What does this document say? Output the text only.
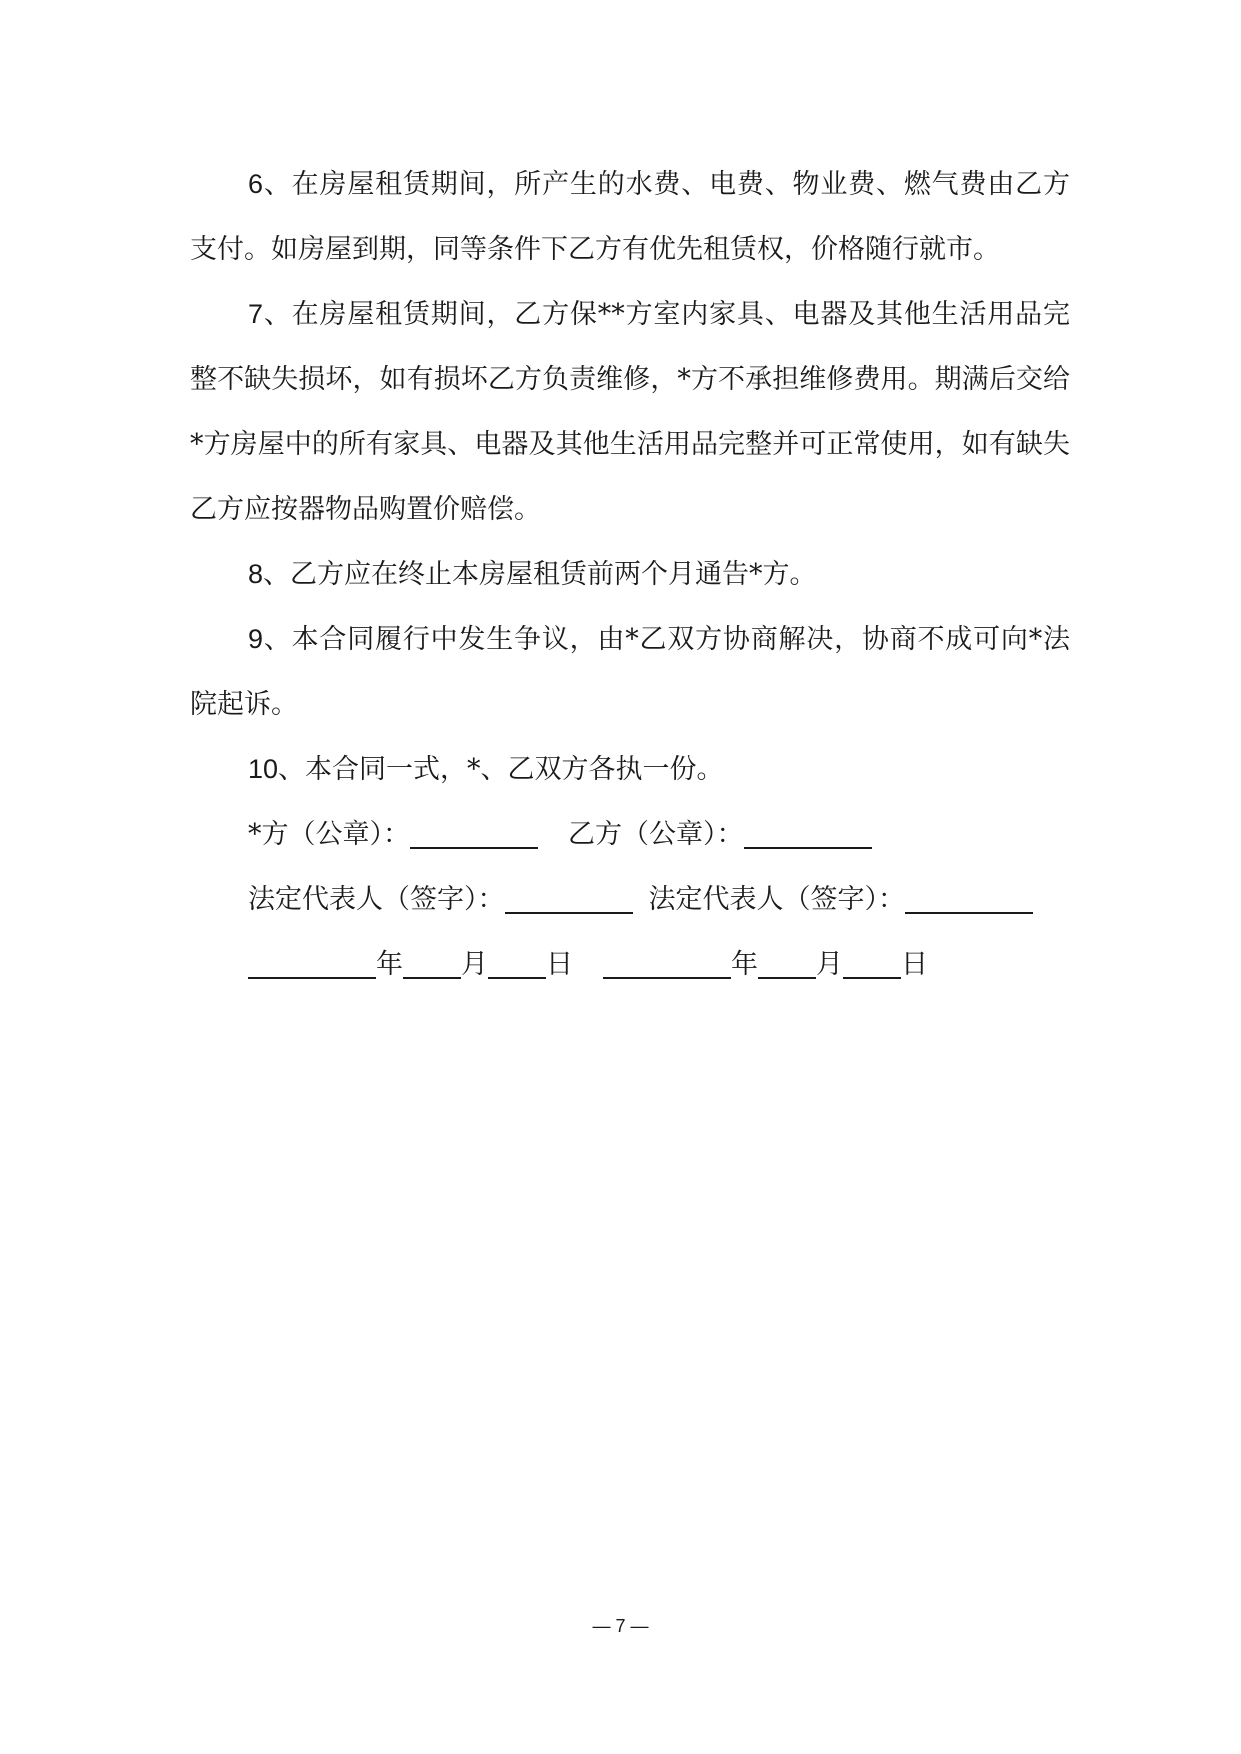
6、在房屋租赁期间，所产生的水费、电费、物业费、燃气费由乙方支付。如房屋到期，同等条件下乙方有优先租赁权，价格随行就市。

7、在房屋租赁期间，乙方保**方室内家具、电器及其他生活用品完整不缺失损坏，如有损坏乙方负责维修，*方不承担维修费用。期满后交给*方房屋中的所有家具、电器及其他生活用品完整并可正常使用，如有缺失乙方应按器物品购置价赔偿。

8、乙方应在终止本房屋租赁前两个月通告*方。

9、本合同履行中发生争议，由*乙双方协商解决，协商不成可向*法院起诉。

10、本合同一式，*、乙双方各执一份。

*方（公章）：	乙方（公章）：

法定代表人（签字）：	法定代表人（签字）：

年 月 日	年 月 日

— 7 —
